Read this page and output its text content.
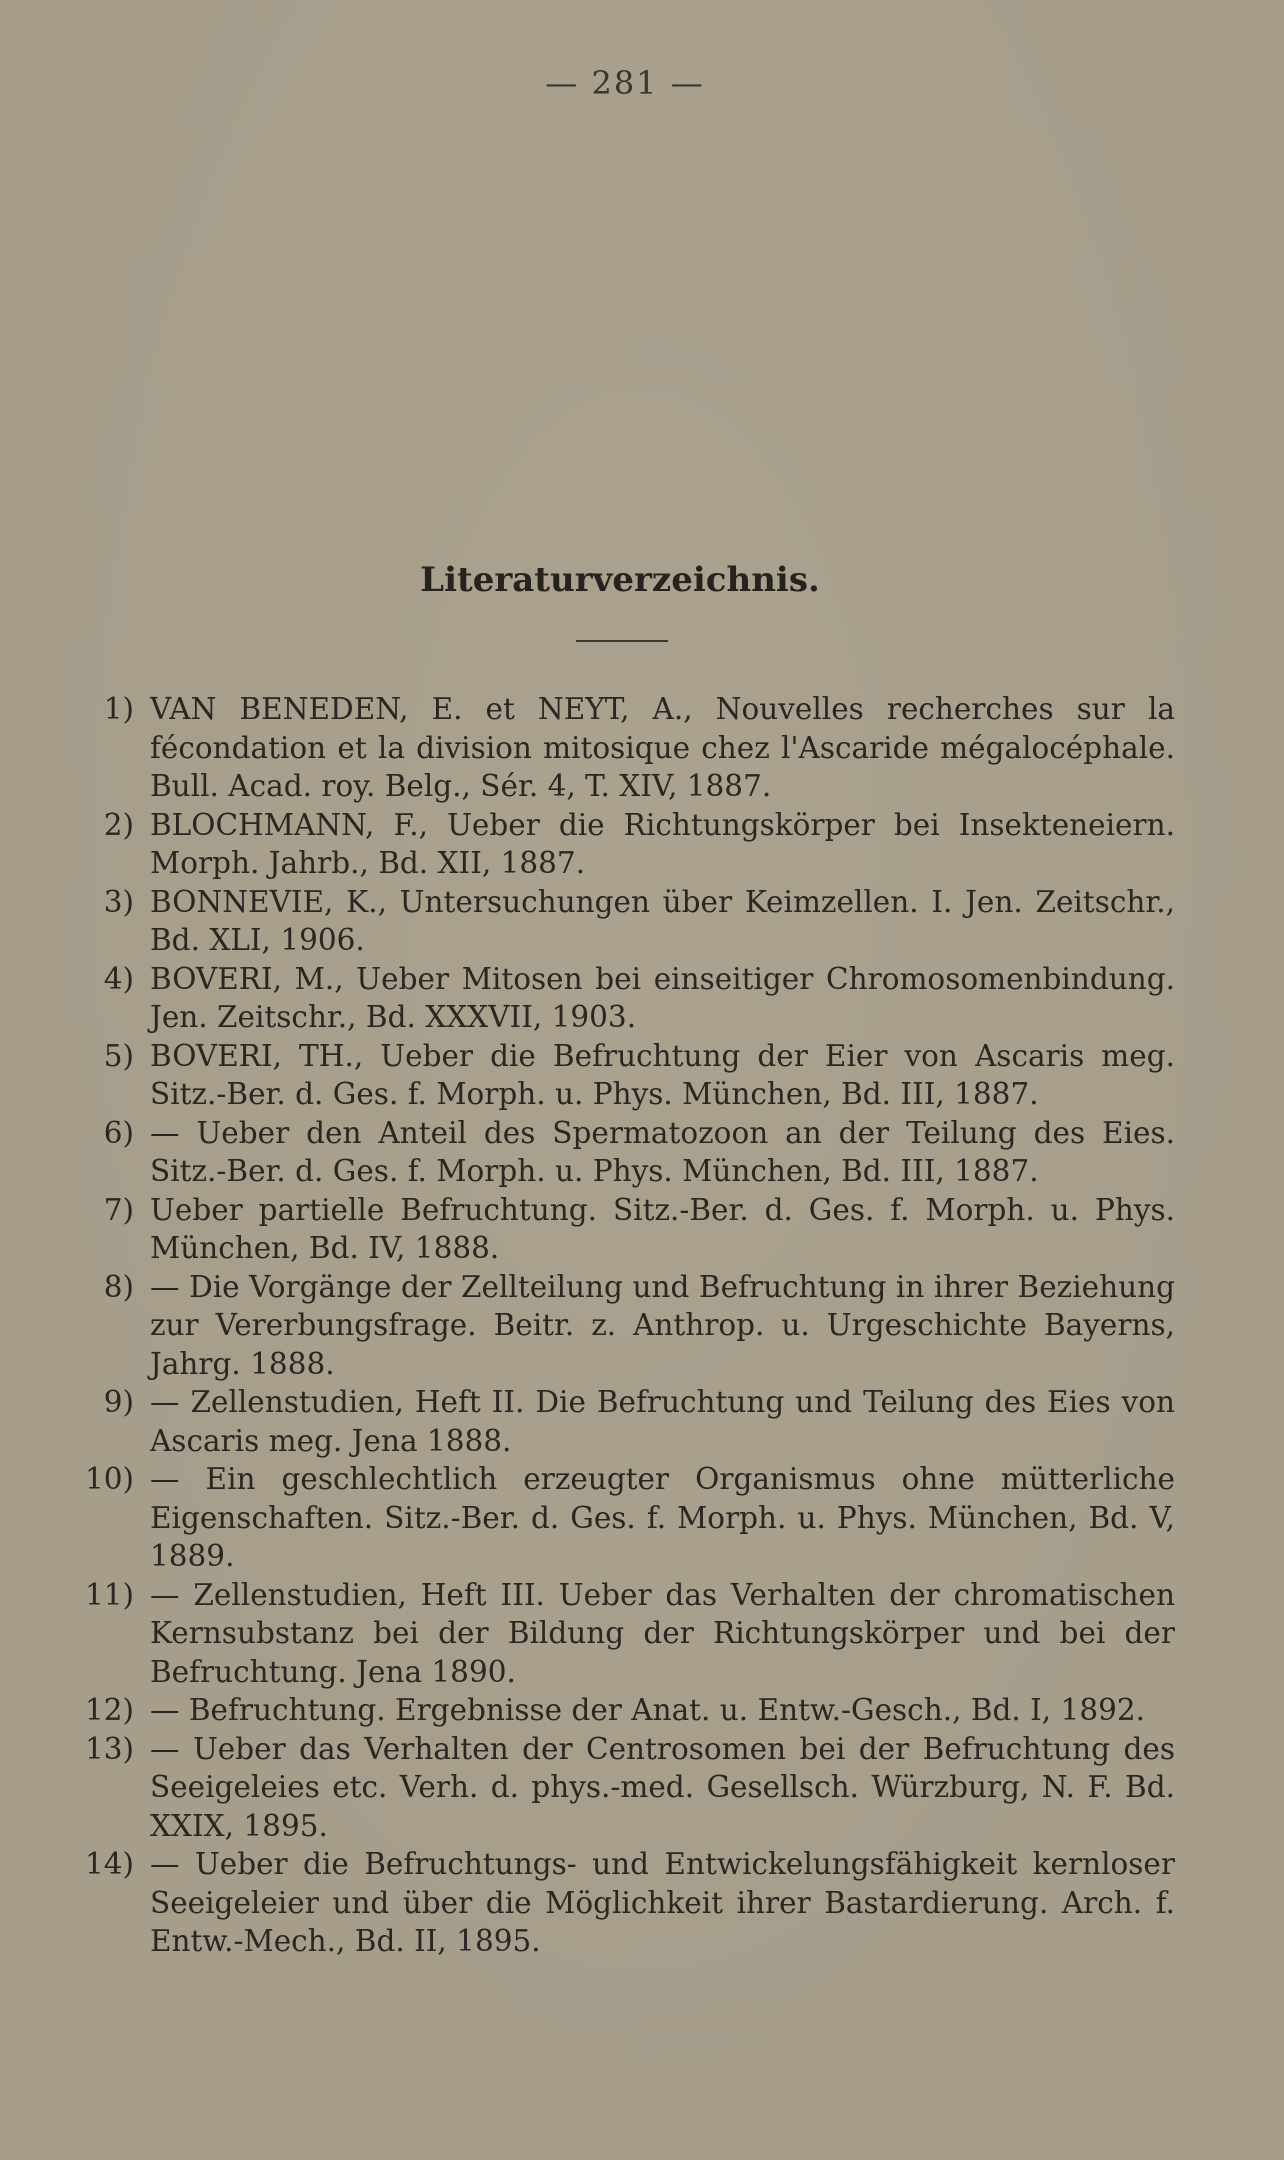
— 281 —
Literaturverzeichnis.
1) VAN BENEDEN, E. et NEYT, A., Nouvelles recherches sur la fécondation et la division mitosique chez l'Ascaride mégalocéphale. Bull. Acad. roy. Belg., Sér. 4, T. XIV, 1887.
2) BLOCHMANN, F., Ueber die Richtungskörper bei Insekteneiern. Morph. Jahrb., Bd. XII, 1887.
3) BONNEVIE, K., Untersuchungen über Keimzellen. I. Jen. Zeitschr., Bd. XLI, 1906.
4) BOVERI, M., Ueber Mitosen bei einseitiger Chromosomenbindung. Jen. Zeitschr., Bd. XXXVII, 1903.
5) BOVERI, TH., Ueber die Befruchtung der Eier von Ascaris meg. Sitz.-Ber. d. Ges. f. Morph. u. Phys. München, Bd. III, 1887.
6) — Ueber den Anteil des Spermatozoon an der Teilung des Eies. Sitz.-Ber. d. Ges. f. Morph. u. Phys. München, Bd. III, 1887.
7) Ueber partielle Befruchtung. Sitz.-Ber. d. Ges. f. Morph. u. Phys. München, Bd. IV, 1888.
8) — Die Vorgänge der Zellteilung und Befruchtung in ihrer Beziehung zur Vererbungsfrage. Beitr. z. Anthrop. u. Urgeschichte Bayerns, Jahrg. 1888.
9) — Zellenstudien, Heft II. Die Befruchtung und Teilung des Eies von Ascaris meg. Jena 1888.
10) — Ein geschlechtlich erzeugter Organismus ohne mütterliche Eigenschaften. Sitz.-Ber. d. Ges. f. Morph. u. Phys. München, Bd. V, 1889.
11) — Zellenstudien, Heft III. Ueber das Verhalten der chromatischen Kernsubstanz bei der Bildung der Richtungskörper und bei der Befruchtung. Jena 1890.
12) — Befruchtung. Ergebnisse der Anat. u. Entw.-Gesch., Bd. I, 1892.
13) — Ueber das Verhalten der Centrosomen bei der Befruchtung des Seeigeleies etc. Verh. d. phys.-med. Gesellsch. Würzburg, N. F. Bd. XXIX, 1895.
14) — Ueber die Befruchtungs- und Entwickelungsfähigkeit kernloser Seeigeleier und über die Möglichkeit ihrer Bastardierung. Arch. f. Entw.-Mech., Bd. II, 1895.
